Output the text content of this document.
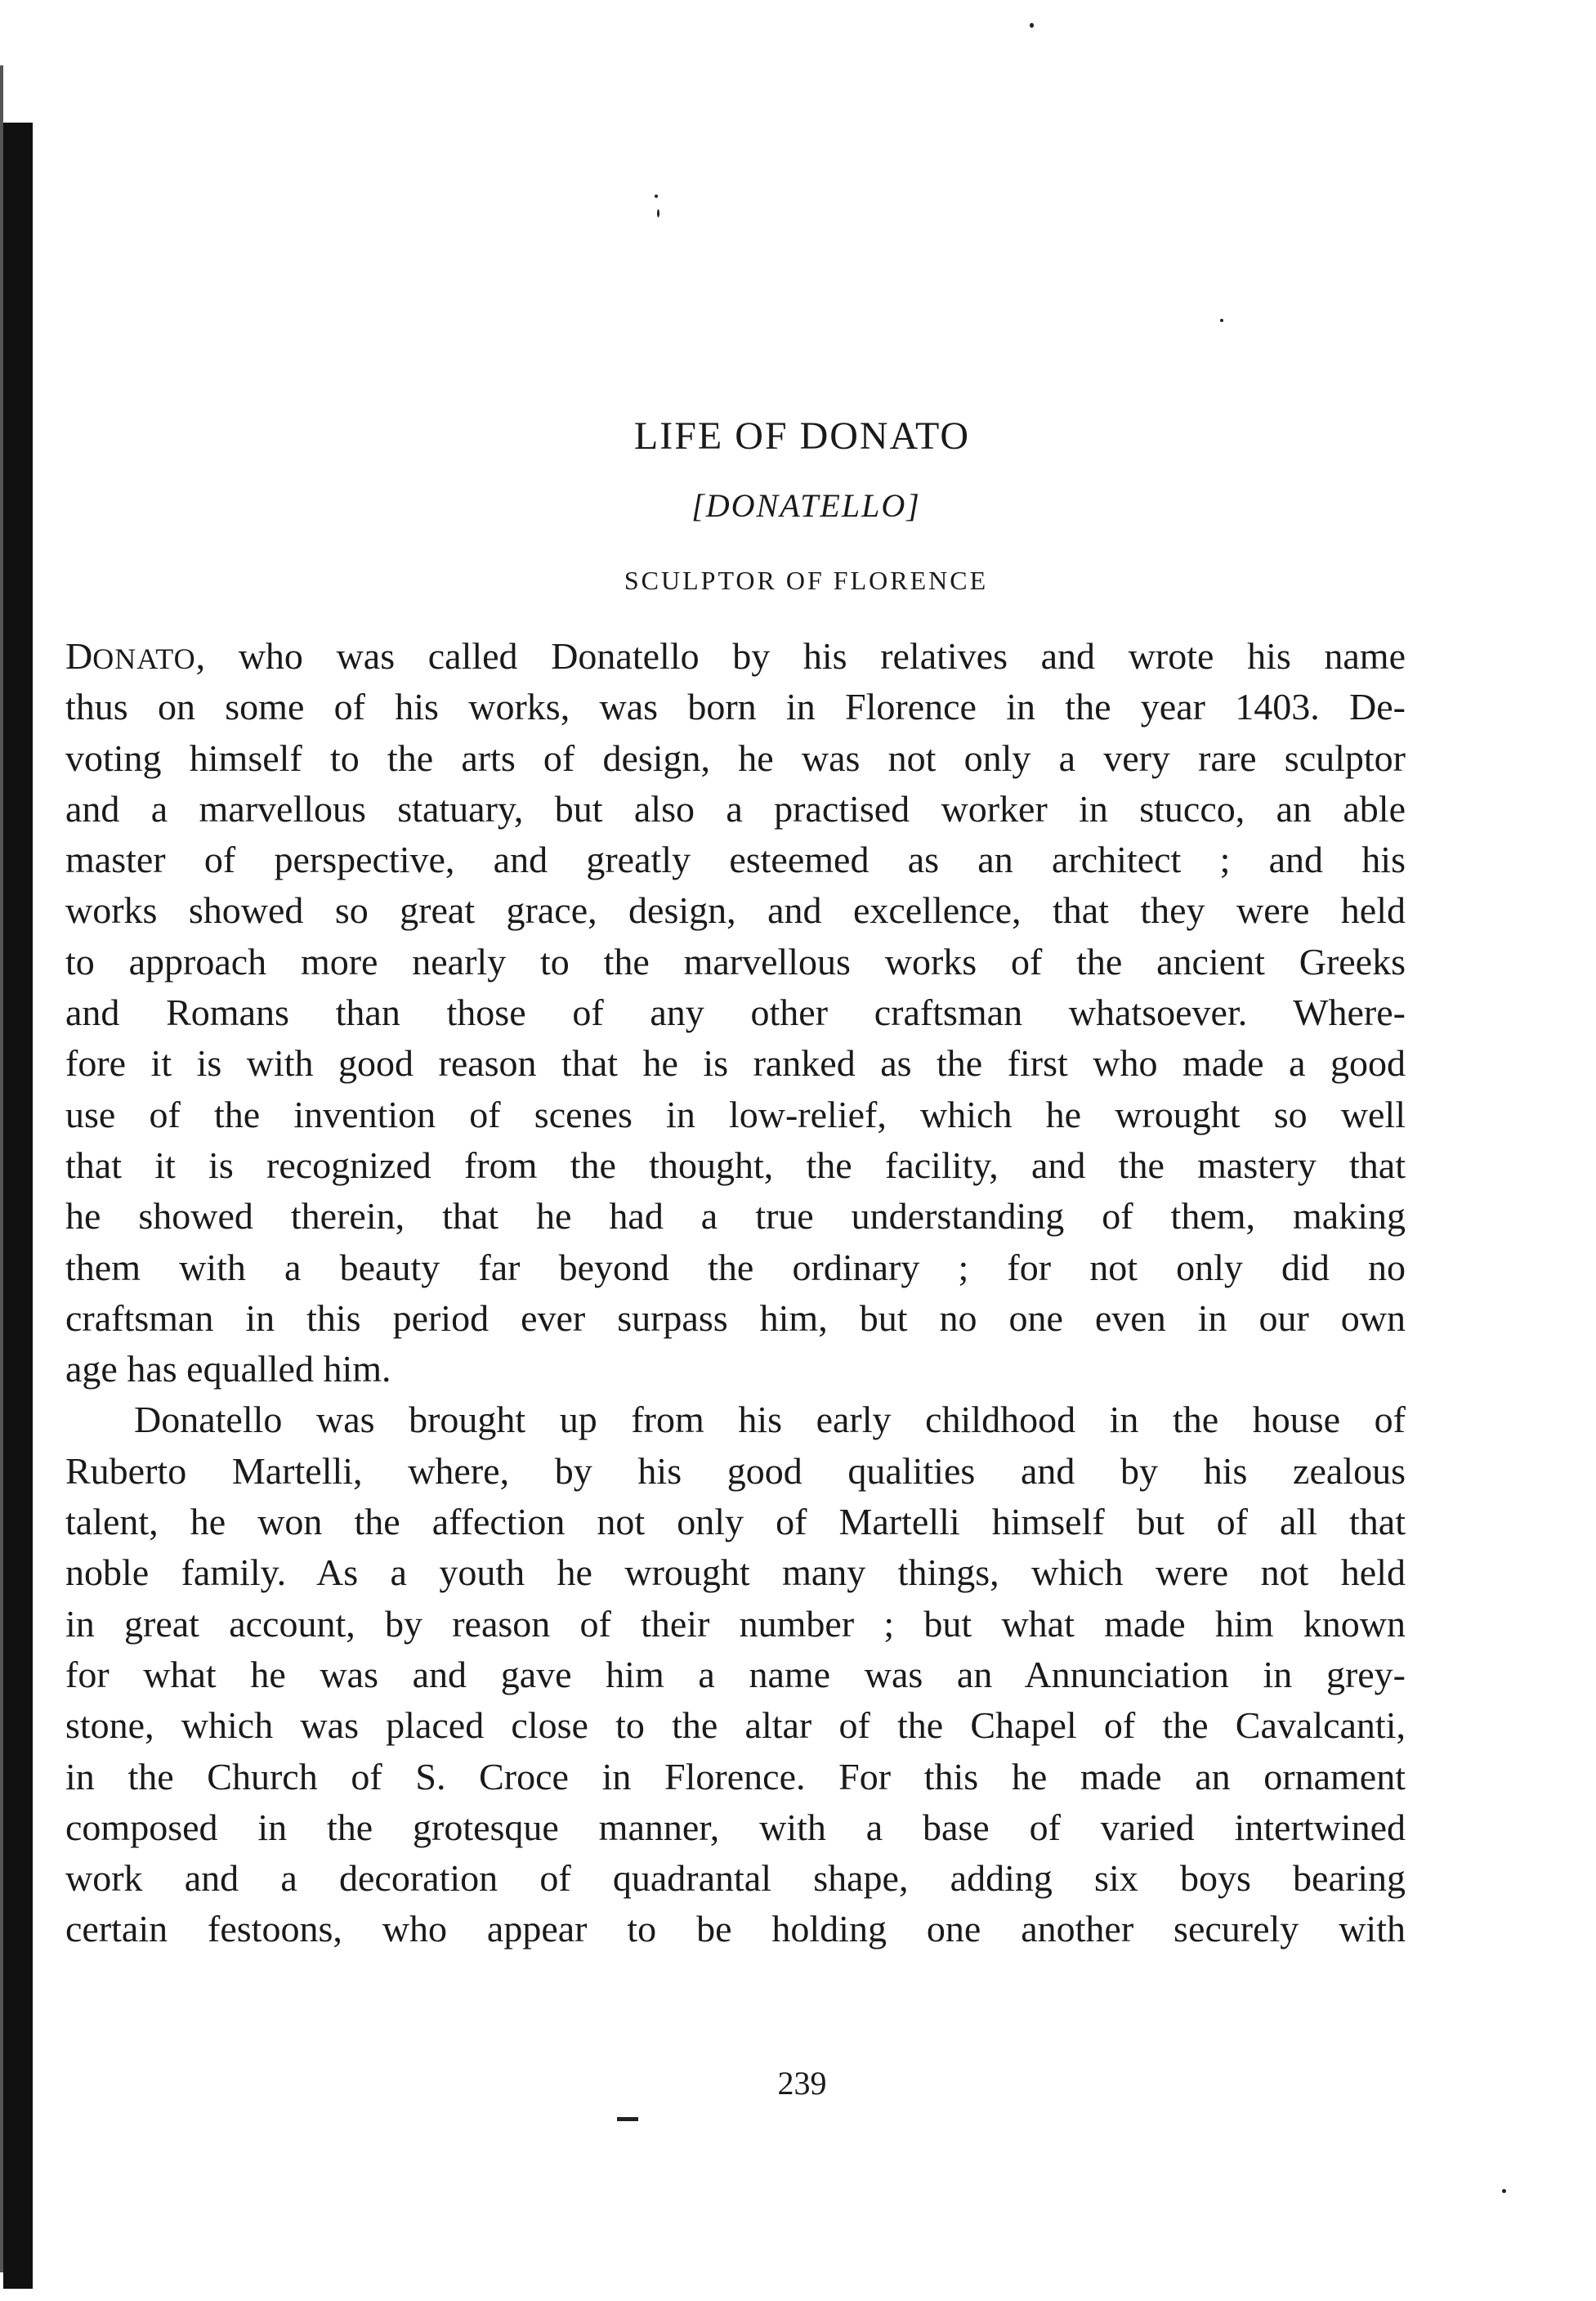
LIFE OF DONATO
[DONATELLO]
SCULPTOR OF FLORENCE
DONATO, who was called Donatello by his relatives and wrote his name
thus on some of his works, was born in Florence in the year 1403. De-
voting himself to the arts of design, he was not only a very rare sculptor
and a marvellous statuary, but also a practised worker in stucco, an able
master of perspective, and greatly esteemed as an architect ; and his
works showed so great grace, design, and excellence, that they were held
to approach more nearly to the marvellous works of the ancient Greeks
and Romans than those of any other craftsman whatsoever. Where-
fore it is with good reason that he is ranked as the first who made a good
use of the invention of scenes in low-relief, which he wrought so well
that it is recognized from the thought, the facility, and the mastery that
he showed therein, that he had a true understanding of them, making
them with a beauty far beyond the ordinary ; for not only did no
craftsman in this period ever surpass him, but no one even in our own
age has equalled him.
Donatello was brought up from his early childhood in the house of
Ruberto Martelli, where, by his good qualities and by his zealous
talent, he won the affection not only of Martelli himself but of all that
noble family. As a youth he wrought many things, which were not held
in great account, by reason of their number ; but what made him known
for what he was and gave him a name was an Annunciation in grey-
stone, which was placed close to the altar of the Chapel of the Cavalcanti,
in the Church of S. Croce in Florence. For this he made an ornament
composed in the grotesque manner, with a base of varied intertwined
work and a decoration of quadrantal shape, adding six boys bearing
certain festoons, who appear to be holding one another securely with
239
